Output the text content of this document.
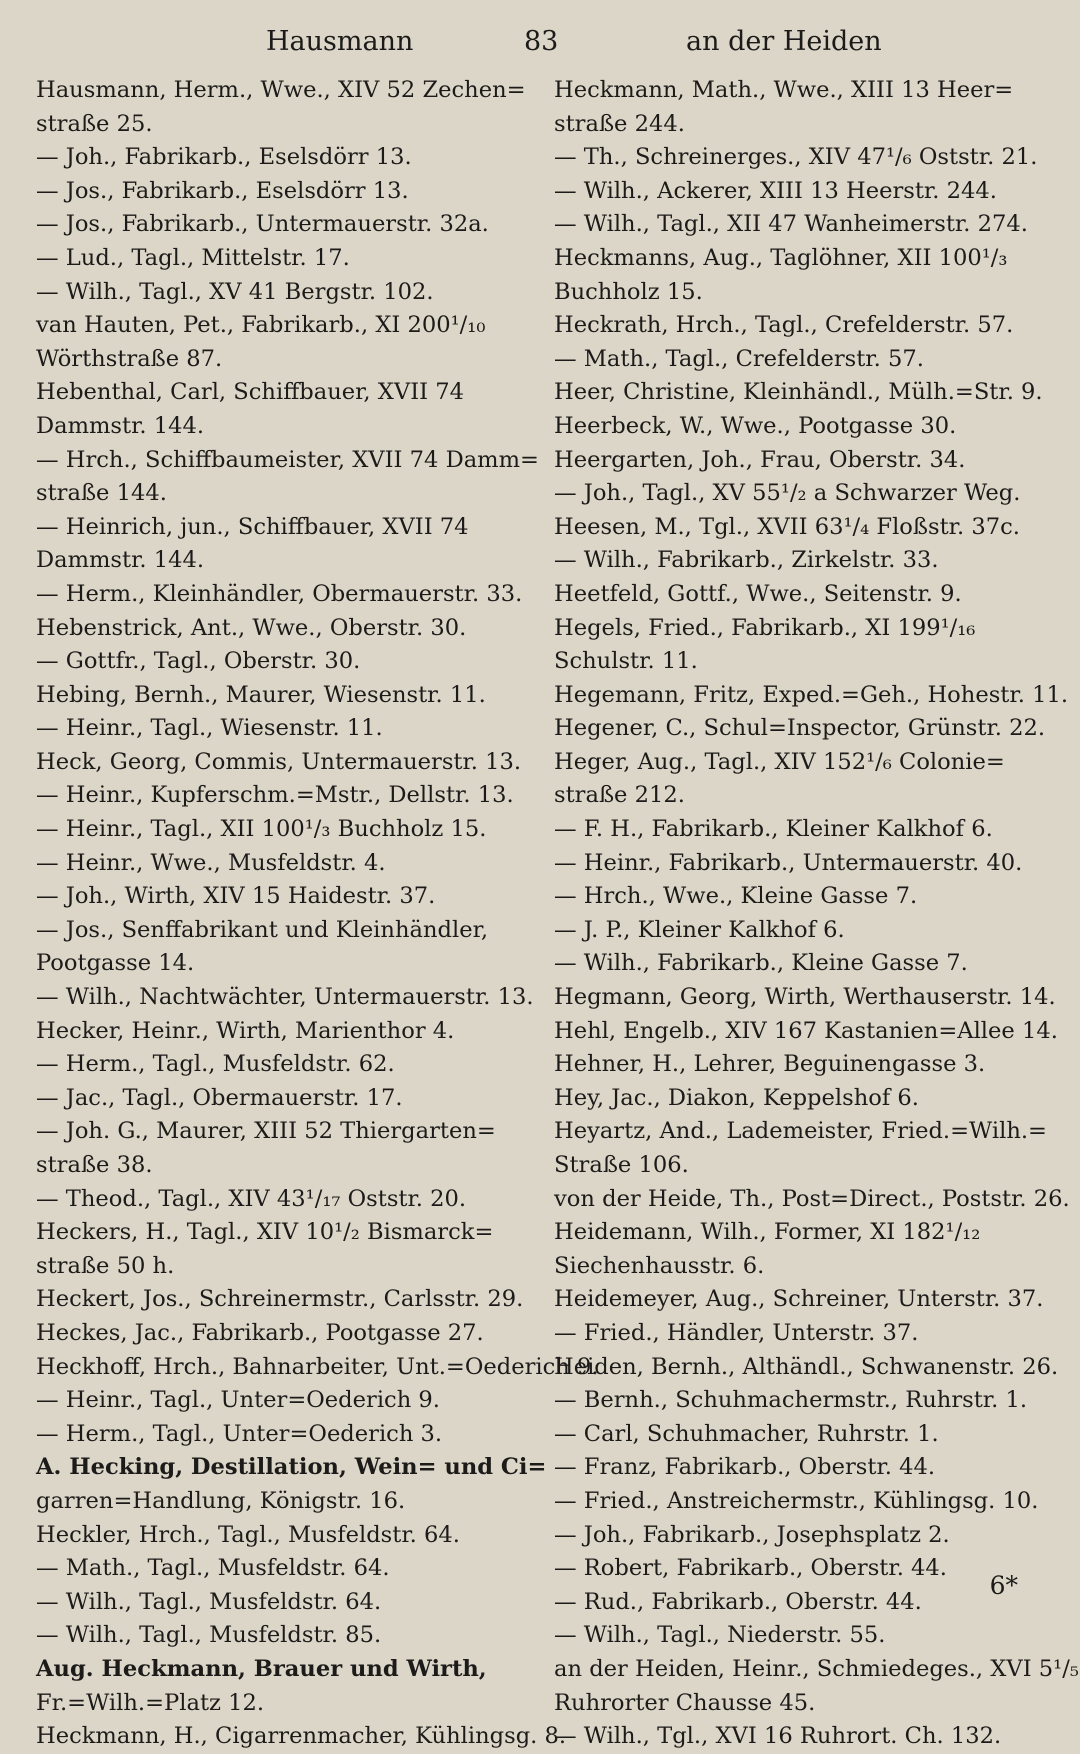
Hausmann	83	an der Heiden
Hausmann, Herm., Wwe., XIV 52 Zechen=
straße 25.
— Joh., Fabrikarb., Eselsdörr 13.
— Jos., Fabrikarb., Eselsdörr 13.
— Jos., Fabrikarb., Untermauerstr. 32a.
— Lud., Tagl., Mittelstr. 17.
— Wilh., Tagl., XV 41 Bergstr. 102.
van Hauten, Pet., Fabrikarb., XI 200¹/₁₀
Wörthstraße 87.
Hebenthal, Carl, Schiffbauer, XVII 74
Dammstr. 144.
— Hrch., Schiffbaumeister, XVII 74 Damm=
straße 144.
— Heinrich, jun., Schiffbauer, XVII 74
Dammstr. 144.
— Herm., Kleinhändler, Obermauerstr. 33.
Hebenstrick, Ant., Wwe., Oberstr. 30.
— Gottfr., Tagl., Oberstr. 30.
Hebing, Bernh., Maurer, Wiesenstr. 11.
— Heinr., Tagl., Wiesenstr. 11.
Heck, Georg, Commis, Untermauerstr. 13.
— Heinr., Kupferschm.=Mstr., Dellstr. 13.
— Heinr., Tagl., XII 100¹/₃ Buchholz 15.
— Heinr., Wwe., Musfeldstr. 4.
— Joh., Wirth, XIV 15 Haidestr. 37.
— Jos., Senffabrikant und Kleinhändler,
Pootgasse 14.
— Wilh., Nachtwächter, Untermauerstr. 13.
Hecker, Heinr., Wirth, Marienthor 4.
— Herm., Tagl., Musfeldstr. 62.
— Jac., Tagl., Obermauerstr. 17.
— Joh. G., Maurer, XIII 52 Thiergarten=
straße 38.
— Theod., Tagl., XIV 43¹/₁₇ Oststr. 20.
Heckers, H., Tagl., XIV 10¹/₂ Bismarck=
straße 50 h.
Heckert, Jos., Schreinermstr., Carlsstr. 29.
Heckes, Jac., Fabrikarb., Pootgasse 27.
Heckhoff, Hrch., Bahnarbeiter, Unt.=Oederich 9.
— Heinr., Tagl., Unter=Oederich 9.
— Herm., Tagl., Unter=Oederich 3.
A. Hecking, Destillation, Wein= und Ci=
garren=Handlung, Königstr. 16.
Heckler, Hrch., Tagl., Musfeldstr. 64.
— Math., Tagl., Musfeldstr. 64.
— Wilh., Tagl., Musfeldstr. 64.
— Wilh., Tagl., Musfeldstr. 85.
Aug. Heckmann, Brauer und Wirth,
Fr.=Wilh.=Platz 12.
Heckmann, H., Cigarrenmacher, Kühlingsg. 8.
Heckmann, Math., Wwe., XIII 13 Heer=
straße 244.
— Th., Schreinerges., XIV 47¹/₆ Oststr. 21.
— Wilh., Ackerer, XIII 13 Heerstr. 244.
— Wilh., Tagl., XII 47 Wanheimerstr. 274.
Heckmanns, Aug., Taglöhner, XII 100¹/₃
Buchholz 15.
Heckrath, Hrch., Tagl., Crefelderstr. 57.
— Math., Tagl., Crefelderstr. 57.
Heer, Christine, Kleinhändl., Mülh.=Str. 9.
Heerbeck, W., Wwe., Pootgasse 30.
Heergarten, Joh., Frau, Oberstr. 34.
— Joh., Tagl., XV 55¹/₂ a Schwarzer Weg.
Heesen, M., Tgl., XVII 63¹/₄ Floßstr. 37c.
— Wilh., Fabrikarb., Zirkelstr. 33.
Heetfeld, Gottf., Wwe., Seitenstr. 9.
Hegels, Fried., Fabrikarb., XI 199¹/₁₆
Schulstr. 11.
Hegemann, Fritz, Exped.=Geh., Hohestr. 11.
Hegener, C., Schul=Inspector, Grünstr. 22.
Heger, Aug., Tagl., XIV 152¹/₆ Colonie=
straße 212.
— F. H., Fabrikarb., Kleiner Kalkhof 6.
— Heinr., Fabrikarb., Untermauerstr. 40.
— Hrch., Wwe., Kleine Gasse 7.
— J. P., Kleiner Kalkhof 6.
— Wilh., Fabrikarb., Kleine Gasse 7.
Hegmann, Georg, Wirth, Werthauserstr. 14.
Hehl, Engelb., XIV 167 Kastanien=Allee 14.
Hehner, H., Lehrer, Beguinengasse 3.
Hey, Jac., Diakon, Keppelshof 6.
Heyartz, And., Lademeister, Fried.=Wilh.=
Straße 106.
von der Heide, Th., Post=Direct., Poststr. 26.
Heidemann, Wilh., Former, XI 182¹/₁₂
Siechenhausstr. 6.
Heidemeyer, Aug., Schreiner, Unterstr. 37.
— Fried., Händler, Unterstr. 37.
Heiden, Bernh., Althändl., Schwanenstr. 26.
— Bernh., Schuhmachermstr., Ruhrstr. 1.
— Carl, Schuhmacher, Ruhrstr. 1.
— Franz, Fabrikarb., Oberstr. 44.
— Fried., Anstreichermstr., Kühlingsg. 10.
— Joh., Fabrikarb., Josephsplatz 2.
— Robert, Fabrikarb., Oberstr. 44.
— Rud., Fabrikarb., Oberstr. 44.
— Wilh., Tagl., Niederstr. 55.
an der Heiden, Heinr., Schmiedeges., XVI 5¹/₅
Ruhrorter Chausse 45.
— Wilh., Tgl., XVI 16 Ruhrort. Ch. 132.
6*
